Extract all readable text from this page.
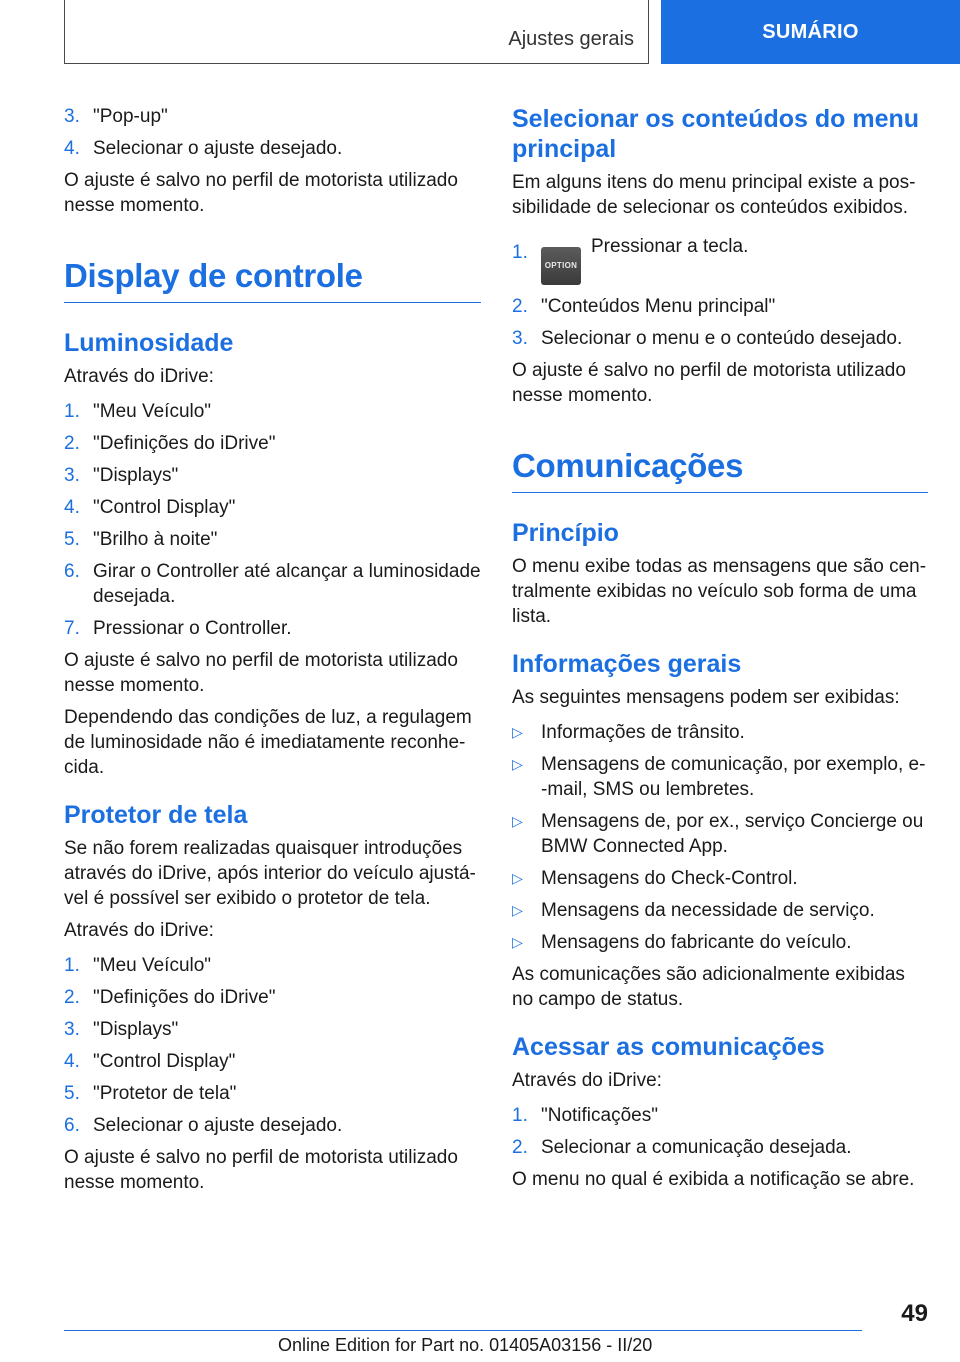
Ajustes gerais	SUMÁRIO
3. "Pop-up"
4. Selecionar o ajuste desejado.

O ajuste é salvo no perfil de motorista utilizado nesse momento.

Display de controle
Luminosidade

Através do iDrive:

1. "Meu Veículo"
2. "Definições do iDrive"
3. "Displays"
4. "Control Display"
5. "Brilho à noite"
6. Girar o Controller até alcançar a luminosidade desejada.
7. Pressionar o Controller.

O ajuste é salvo no perfil de motorista utilizado nesse momento.

Dependendo das condições de luz, a regulagem de luminosidade não é imediatamente reconhe-cida.

Protetor de tela

Se não forem realizadas quaisquer introduções através do iDrive, após interior do veículo ajustá-vel é possível ser exibido o protetor de tela.

Através do iDrive:

1. "Meu Veículo"
2. "Definições do iDrive"
3. "Displays"
4. "Control Display"
5. "Protetor de tela"
6. Selecionar o ajuste desejado.

O ajuste é salvo no perfil de motorista utilizado nesse momento.

Selecionar os conteúdos do menu principal

Em alguns itens do menu principal existe a pos-sibilidade de selecionar os conteúdos exibidos.

1.
OPTIONPressionar a tecla.
2. "Conteúdos Menu principal"
3. Selecionar o menu e o conteúdo desejado.

O ajuste é salvo no perfil de motorista utilizado nesse momento.

Comunicações
Princípio

O menu exibe todas as mensagens que são cen-tralmente exibidas no veículo sob forma de uma lista.

Informações gerais

As seguintes mensagens podem ser exibidas:

▷ Informações de trânsito.
▷ Mensagens de comunicação, por exemplo, e--mail, SMS ou lembretes.
▷ Mensagens de, por ex., serviço Concierge ou BMW Connected App.
▷ Mensagens do Check-Control.
▷ Mensagens da necessidade de serviço.
▷ Mensagens do fabricante do veículo.

As comunicações são adicionalmente exibidas no campo de status.

Acessar as comunicações

Através do iDrive:

1. "Notificações"
2. Selecionar a comunicação desejada.

O menu no qual é exibida a notificação se abre.

49
Online Edition for Part no. 01405A03156 - II/20
